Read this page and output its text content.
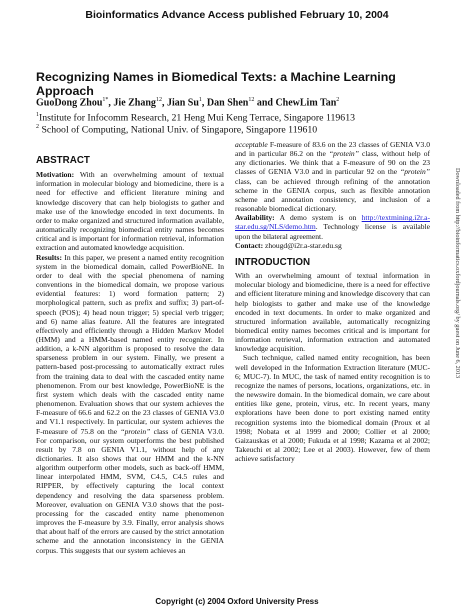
Bioinformatics Advance Access published February 10, 2004
Recognizing Names in Biomedical Texts: a Machine Learning Approach
GuoDong Zhou$^{1*}$, Jie Zhang$^{12}$, Jian Su$^1$, Dan Shen$^{12}$ and ChewLim Tan$^2$
$^1$Institute for Infocomm Research, 21 Heng Mui Keng Terrace, Singapore 119613
$^2$ School of Computing, National Univ. of Singapore, Singapore 119610
ABSTRACT

Motivation: With an overwhelming amount of textual information in molecular biology and biomedicine, there is a need for effective and efficient literature mining and knowledge discovery that can help biologists to gather and make use of the knowledge encoded in text documents. In order to make organized and structured information available, automatically recognizing biomedical entity names becomes critical and is important for information retrieval, information extraction and automated knowledge acquisition.

Results: In this paper, we present a named entity recognition system in the biomedical domain, called PowerBioNE. In order to deal with the special phenomena of naming conventions in the biomedical domain, we propose various evidential features: 1) word formation pattern; 2) morphological pattern, such as prefix and suffix; 3) part-of-speech (POS); 4) head noun trigger; 5) special verb trigger; and 6) name alias feature. All the features are integrated effectively and efficiently through a Hidden Markov Model (HMM) and a HMM-based named entity recognizer. In addition, a k-NN algorithm is proposed to resolve the data sparseness problem in our system. Finally, we present a pattern-based post-processing to automatically extract rules from the training data to deal with the cascaded entity name phenomenon. From our best knowledge, PowerBioNE is the first system which deals with the cascaded entity name phenomenon. Evaluation shows that our system achieves the F-measure of 66.6 and 62.2 on the 23 classes of GENIA V3.0 and V1.1 respectively. In particular, our system achieves the F-measure of 75.8 on the “protein” class of GENIA V3.0. For comparison, our system outperforms the best published result by 7.8 on GENIA V1.1, without help of any dictionaries. It also shows that our HMM and the k-NN algorithm outperform other models, such as back-off HMM, linear interpolated HMM, SVM, C4.5, C4.5 rules and RIPPER, by effectively capturing the local context dependency and resolving the data sparseness problem. Moreover, evaluation on GENIA V3.0 shows that the post-processing for the cascaded entity name phenomenon improves the F-measure by 3.9. Finally, error analysis shows that about half of the errors are caused by the strict annotation scheme and the annotation inconsistency in the GENIA corpus. This suggests that our system achieves an

acceptable F-measure of 83.6 on the 23 classes of GENIA V3.0 and in particular 86.2 on the “protein” class, without help of any dictionaries. We think that a F-measure of 90 on the 23 classes of GENIA V3.0 and in particular 92 on the “protein” class, can be achieved through refining of the annotation scheme in the GENIA corpus, such as flexible annotation scheme and annotation consistency, and inclusion of a reasonable biomedical dictionary.

Availability: A demo system is on http://textmining.i2r.a-star.edu.sg/NLS/demo.htm. Technology license is available upon the bilateral agreement.

Contact: zhougd@i2r.a-star.edu.sg

INTRODUCTION

With an overwhelming amount of textual information in molecular biology and biomedicine, there is a need for effective and efficient literature mining and knowledge discovery that can help biologists to gather and make use of the knowledge encoded in text documents. In order to make organized and structured information available, automatically recognizing biomedical entity names becomes critical and is important for information retrieval, information extraction and automated knowledge acquisition.

Such technique, called named entity recognition, has been well developed in the Information Extraction literature (MUC-6; MUC-7). In MUC, the task of named entity recognition is to recognize the names of persons, locations, organizations, etc. in the newswire domain. In the biomedical domain, we care about entities like gene, protein, virus, etc. In recent years, many explorations have been done to port existing named entity recognition systems into the biomedical domain (Proux et al 1998; Nobata et al 1999 and 2000; Collier et al 2000; Gaizauskas et al 2000; Fukuda et al 1998; Kazama et al 2002; Takeuchi et al 2002; Lee et al 2003). However, few of them achieve satisfactory

Downloaded from http://bioinformatics.oxfordjournals.org/ by guest on June 6, 2013
Copyright (c) 2004 Oxford University Press
